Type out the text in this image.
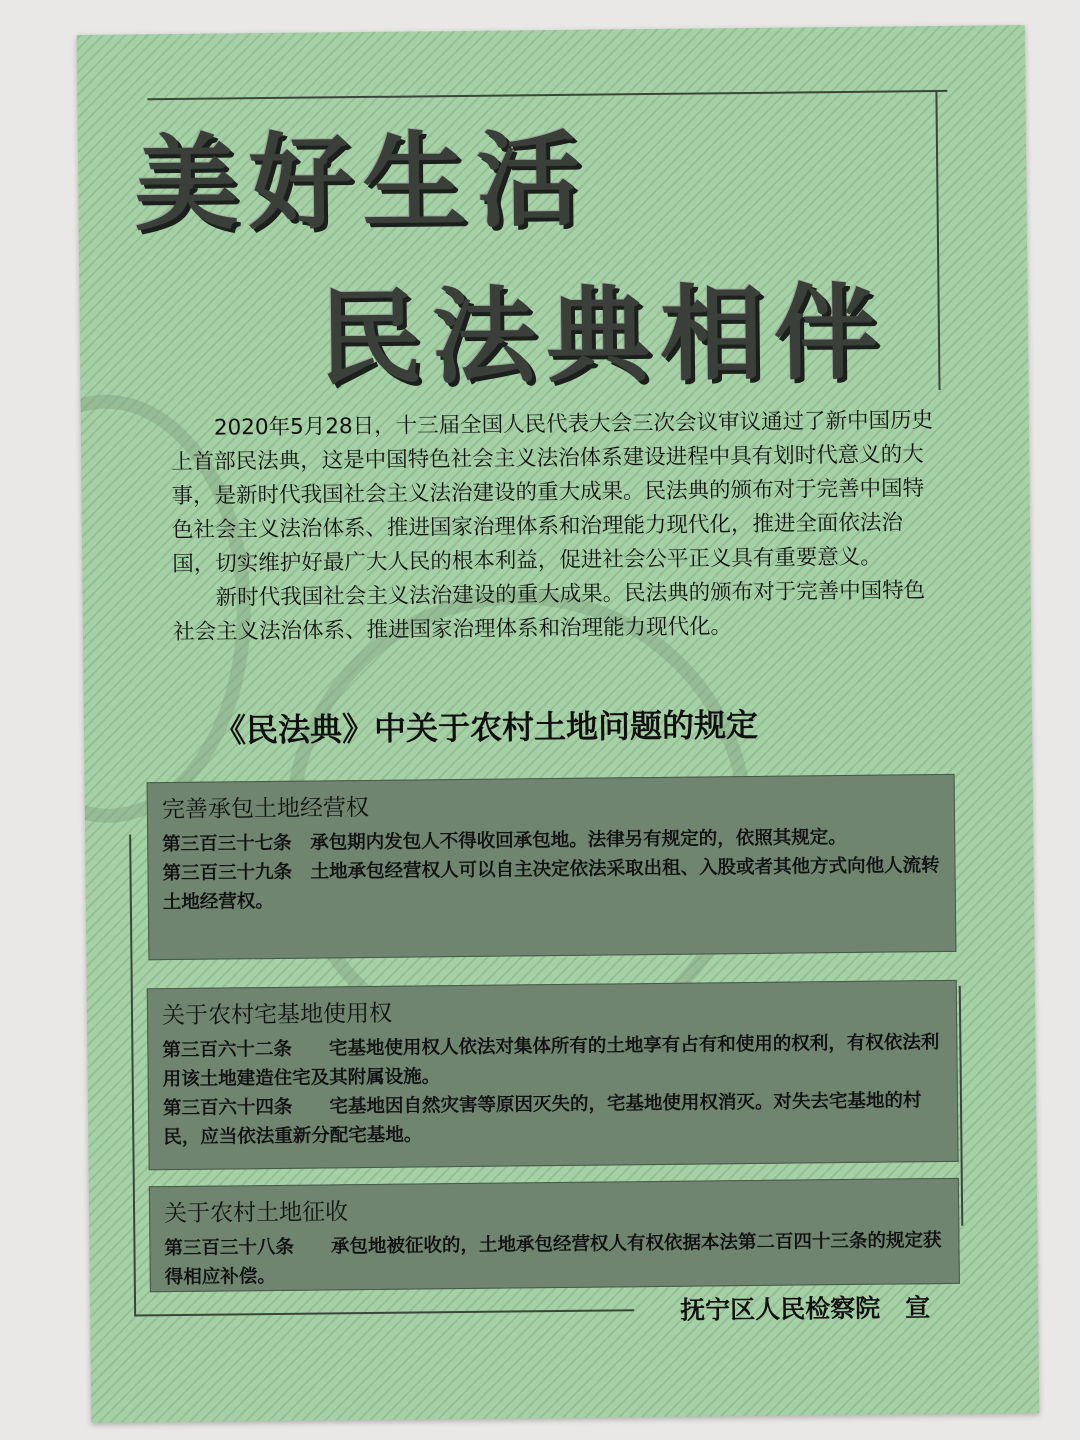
美好生活
民法典相伴

2020年5月28日，十三届全国人民代表大会三次会议审议通过了新中国历史上首部民法典，这是中国特色社会主义法治体系建设进程中具有划时代意义的大事，是新时代我国社会主义法治建设的重大成果。民法典的颁布对于完善中国特色社会主义法治体系、推进国家治理体系和治理能力现代化，推进全面依法治国，切实维护好最广大人民的根本利益，促进社会公平正义具有重要意义。

新时代我国社会主义法治建设的重大成果。民法典的颁布对于完善中国特色社会主义法治体系、推进国家治理体系和治理能力现代化。

《民法典》中关于农村土地问题的规定
完善承包土地经营权

第三百三十七条　承包期内发包人不得收回承包地。法律另有规定的，依照其规定。

第三百三十九条　土地承包经营权人可以自主决定依法采取出租、入股或者其他方式向他人流转土地经营权。

关于农村宅基地使用权

第三百六十二条　　宅基地使用权人依法对集体所有的土地享有占有和使用的权利，有权依法利用该土地建造住宅及其附属设施。

第三百六十四条　　宅基地因自然灾害等原因灭失的，宅基地使用权消灭。对失去宅基地的村民，应当依法重新分配宅基地。

关于农村土地征收

第三百三十八条　　承包地被征收的，土地承包经营权人有权依据本法第二百四十三条的规定获得相应补偿。

抚宁区人民检察院　宣
